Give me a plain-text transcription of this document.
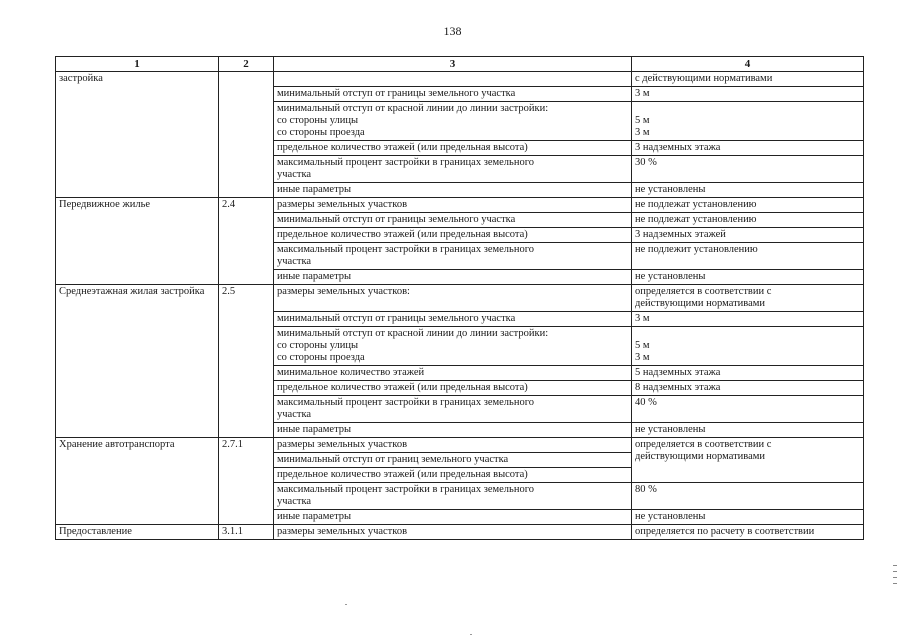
138
1	2	3	4
застройка			с действующими нормативами

		минимальный отступ от границы земельного участка	3 м

		минимальный отступ от красной линии до линии застройки:
со стороны улицы
со стороны проезда	5 м
3 м

		предельное количество этажей (или предельная высота)	3 надземных этажа

		максимальный процент застройки в границах земельного
участка	30 %

		иные параметры	не установлены

Передвижное жилье	2.4	размеры земельных участков	не подлежат установлению

		минимальный отступ от границы земельного участка	не подлежат установлению

		предельное количество этажей (или предельная высота)	3 надземных этажей

		максимальный процент застройки в границах земельного
участка	не подлежит установлению

		иные параметры	не установлены

Среднеэтажная жилая застройка	2.5	размеры земельных участков:	определяется в соответствии с
действующими нормативами

		минимальный отступ от границы земельного участка	3 м

		минимальный отступ от красной линии до линии застройки:
со стороны улицы
со стороны проезда	5 м
3 м

		минимальное количество этажей	5 надземных этажа

		предельное количество этажей (или предельная высота)	8 надземных этажа

		максимальный процент застройки в границах земельного
участка	40 %

		иные параметры	не установлены

Хранение автотранспорта	2.7.1	размеры земельных участков	определяется в соответствии с
действующими нормативами

		минимальный отступ от границ земельного участка	

		предельное количество этажей (или предельная высота)	

		максимальный процент застройки в границах земельного
участка	80 %

		иные параметры	не установлены

Предоставление	3.1.1	размеры земельных участков	определяется по расчету в соответствии
